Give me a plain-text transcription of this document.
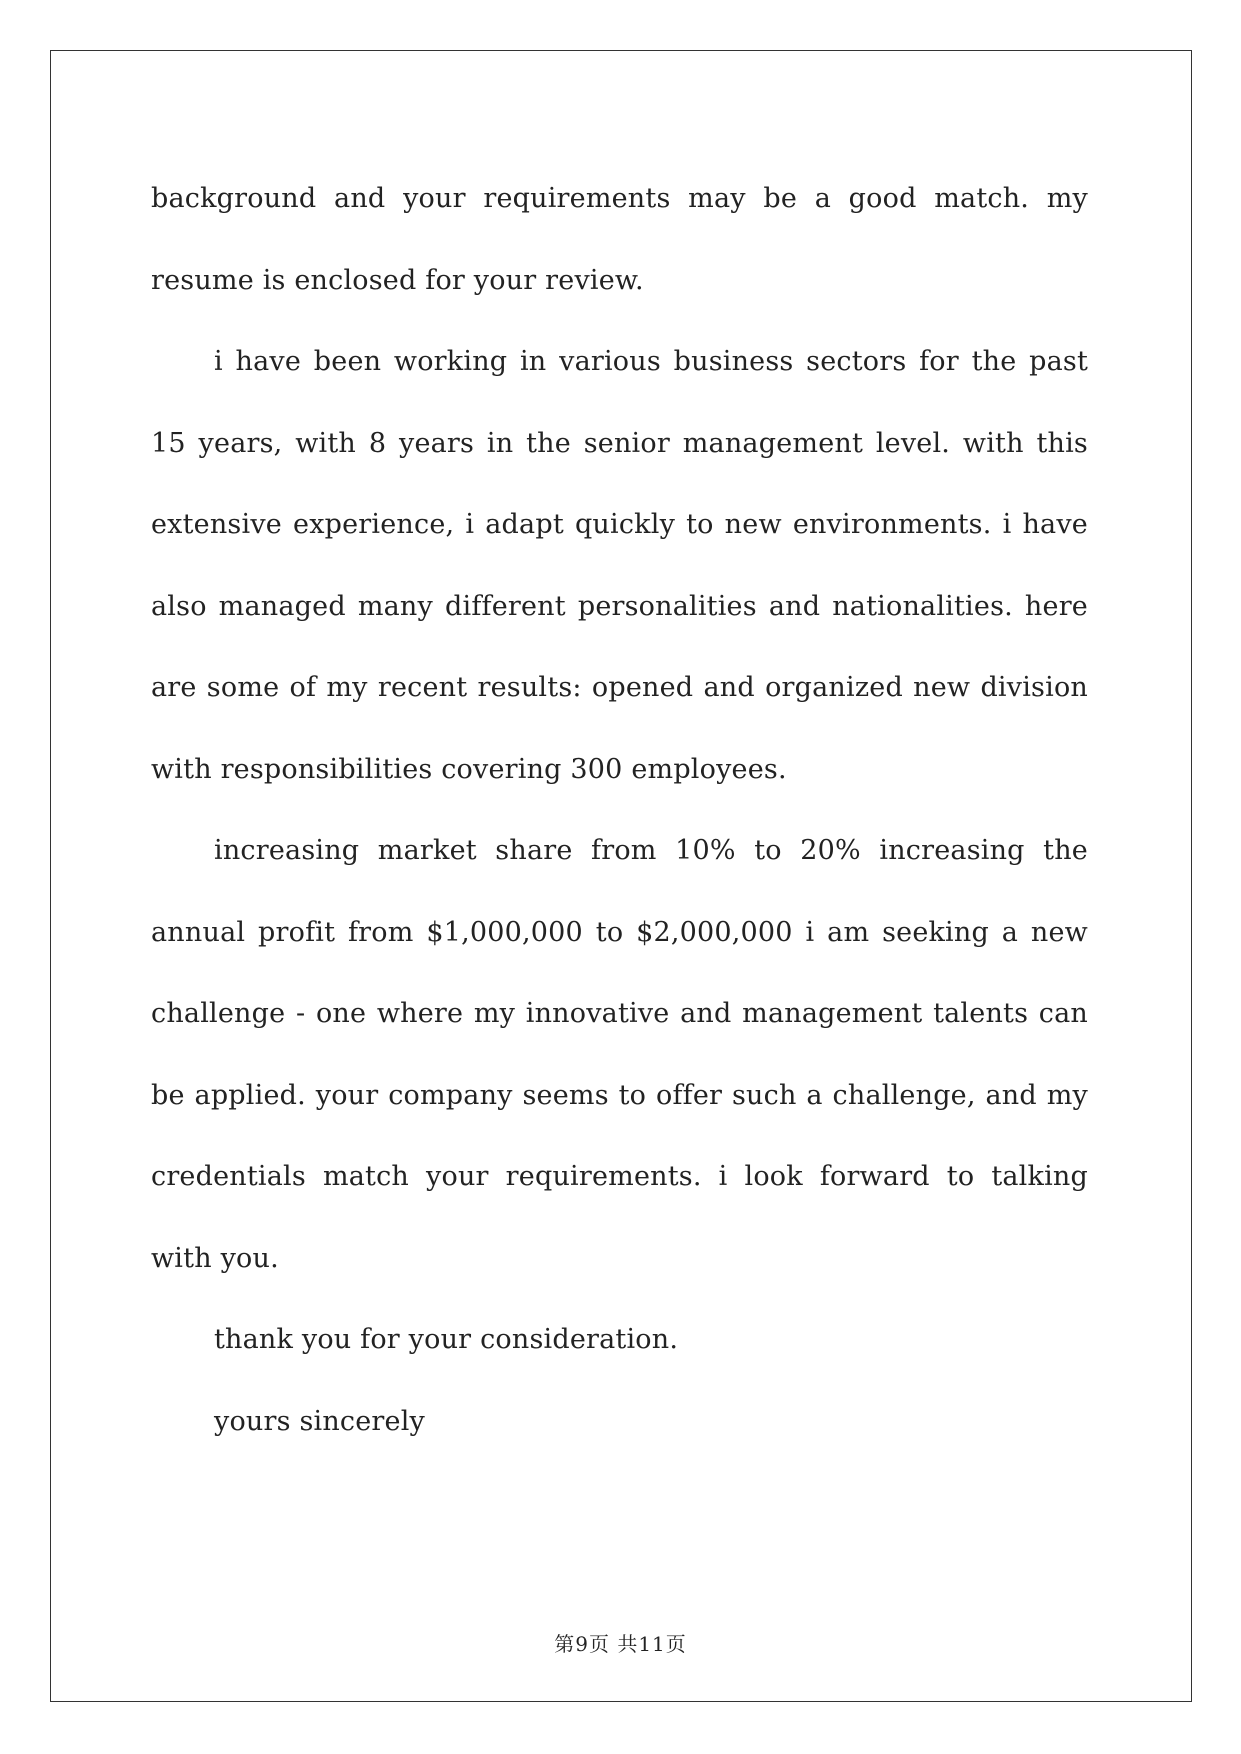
background and your requirements may be a good match. my resume is enclosed for your review.

i have been working in various business sectors for the past 15 years, with 8 years in the senior management level. with this extensive experience, i adapt quickly to new environments. i have also managed many different personalities and nationalities. here are some of my recent results: opened and organized new division with responsibilities covering 300 employees.

increasing market share from 10% to 20% increasing the annual profit from $1,000,000 to $2,000,000 i am seeking a new challenge - one where my innovative and management talents can be applied. your company seems to offer such a challenge, and my credentials match your requirements. i look forward to talking with you.

thank you for your consideration.

yours sincerely

第9页 共11页
